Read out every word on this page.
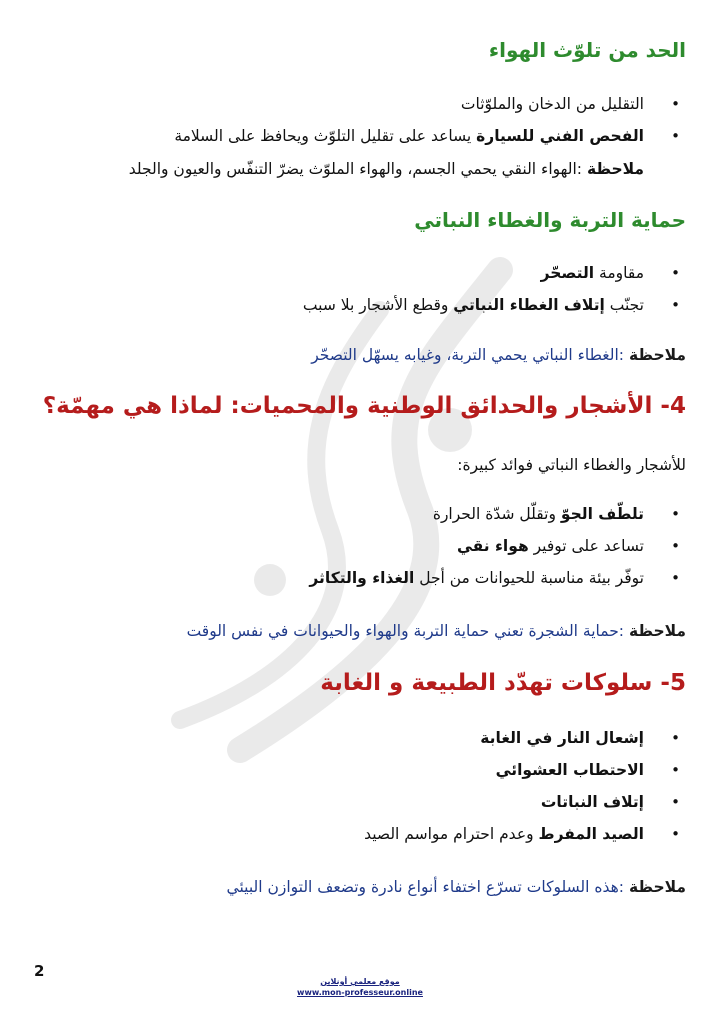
الحد من تلوّث الهواء
• التقليل من الدخان والملوّثات
• الفحص الفني للسيارة يساعد على تقليل التلوّث ويحافظ على السلامة

ملاحظة :الهواء النقي يحمي الجسم، والهواء الملوّث يضرّ التنفّس والعيون والجلد

حماية التربة والغطاء النباتي
• مقاومة التصحّر
• تجنّب إتلاف الغطاء النباتي وقطع الأشجار بلا سبب

ملاحظة :الغطاء النباتي يحمي التربة، وغيابه يسهّل التصحّر

4- الأشجار والحدائق الوطنية والمحميات: لماذا هي مهمّة؟

للأشجار والغطاء النباتي فوائد كبيرة:

• تلطّف الجوّ وتقلّل شدّة الحرارة
• تساعد على توفير هواء نقي
• توفّر بيئة مناسبة للحيوانات من أجل الغذاء والتكاثر

ملاحظة :حماية الشجرة تعني حماية التربة والهواء والحيوانات في نفس الوقت

5- سلوكات تهدّد الطبيعة و الغابة
• إشعال النار في الغابة
• الاحتطاب العشوائي
• إتلاف النباتات
• الصيد المفرط وعدم احترام مواسم الصيد

ملاحظة :هذه السلوكات تسرّع اختفاء أنواع نادرة وتضعف التوازن البيئي

2
موقع معلمي أونلاين
www.mon-professeur.online
